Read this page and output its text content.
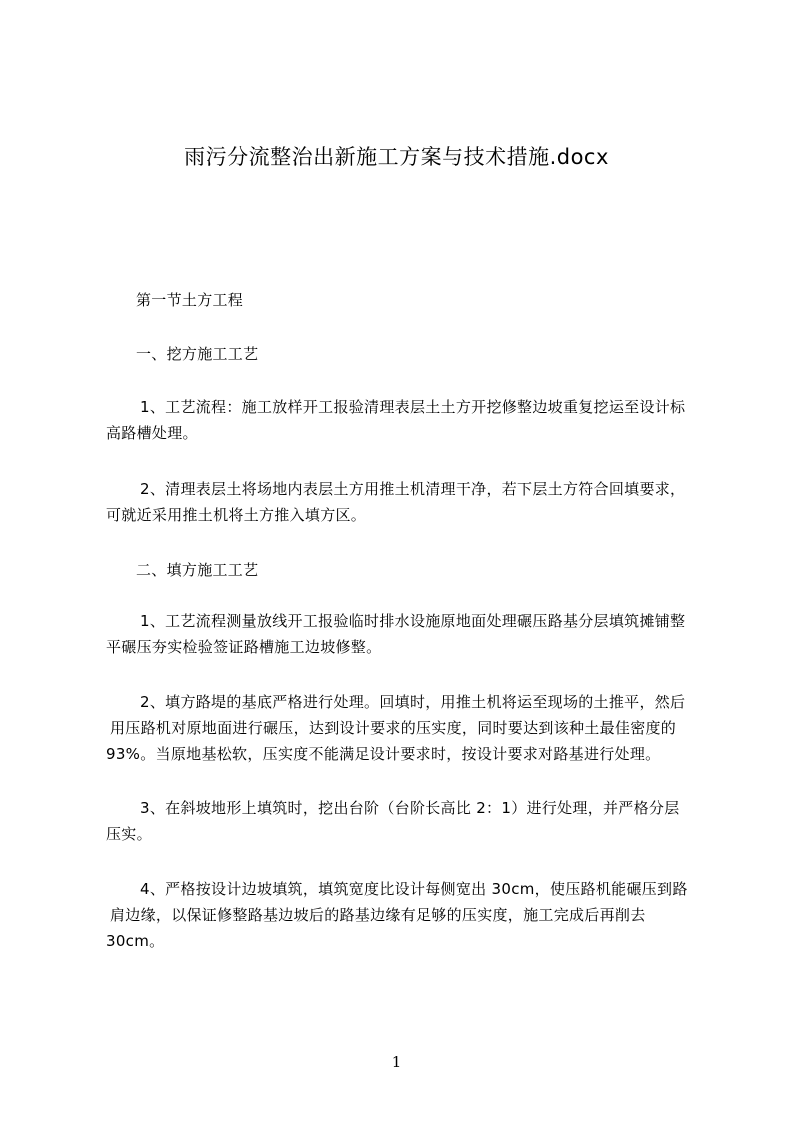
雨污分流整治出新施工方案与技术措施.docx
第一节土方工程
一、挖方施工工艺
1、工艺流程：施工放样开工报验清理表层土土方开挖修整边坡重复挖运至设计标
高路槽处理。
2、清理表层土将场地内表层土方用推土机清理干净，若下层土方符合回填要求，
可就近采用推土机将土方推入填方区。
二、填方施工工艺
1、工艺流程测量放线开工报验临时排水设施原地面处理碾压路基分层填筑摊铺整
平碾压夯实检验签证路槽施工边坡修整。
2、填方路堤的基底严格进行处理。回填时，用推土机将运至现场的土推平，然后
用压路机对原地面进行碾压，达到设计要求的压实度，同时要达到该种土最佳密度的
93%。当原地基松软，压实度不能满足设计要求时，按设计要求对路基进行处理。
3、在斜坡地形上填筑时，挖出台阶（台阶长高比 2：1）进行处理，并严格分层
压实。
4、严格按设计边坡填筑，填筑宽度比设计每侧宽出 30cm，使压路机能碾压到路
肩边缘，以保证修整路基边坡后的路基边缘有足够的压实度，施工完成后再削去
30cm。
1
